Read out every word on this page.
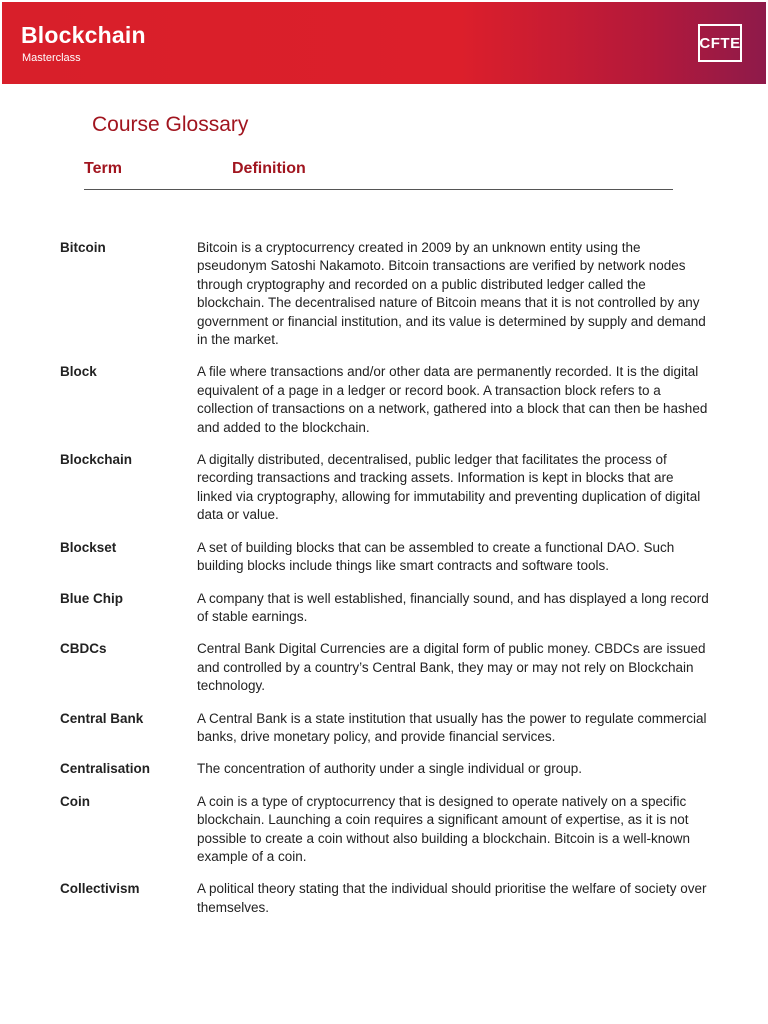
Blockchain
Masterclass
CFTE
Course Glossary
Term	Definition
Bitcoin	Bitcoin is a cryptocurrency created in 2009 by an unknown entity using the pseudonym Satoshi Nakamoto. Bitcoin transactions are verified by network nodes through cryptography and recorded on a public distributed ledger called the blockchain. The decentralised nature of Bitcoin means that it is not controlled by any government or financial institution, and its value is determined by supply and demand in the market.
Block	A file where transactions and/or other data are permanently recorded. It is the digital equivalent of a page in a ledger or record book. A transaction block refers to a collection of transactions on a network, gathered into a block that can then be hashed and added to the blockchain.
Blockchain	A digitally distributed, decentralised, public ledger that facilitates the process of recording transactions and tracking assets. Information is kept in blocks that are linked via cryptography, allowing for immutability and preventing duplication of digital data or value.
Blockset	A set of building blocks that can be assembled to create a functional DAO. Such building blocks include things like smart contracts and software tools.
Blue Chip	A company that is well established, financially sound, and has displayed a long record of stable earnings.
CBDCs	Central Bank Digital Currencies are a digital form of public money. CBDCs are issued and controlled by a country’s Central Bank, they may or may not rely on Blockchain technology.
Central Bank	A Central Bank is a state institution that usually has the power to regulate commercial banks, drive monetary policy, and provide financial services.
Centralisation	The concentration of authority under a single individual or group.
Coin	A coin is a type of cryptocurrency that is designed to operate natively on a specific blockchain. Launching a coin requires a significant amount of expertise, as it is not possible to create a coin without also building a blockchain. Bitcoin is a well-known example of a coin.
Collectivism	A political theory stating that the individual should prioritise the welfare of society over themselves.
